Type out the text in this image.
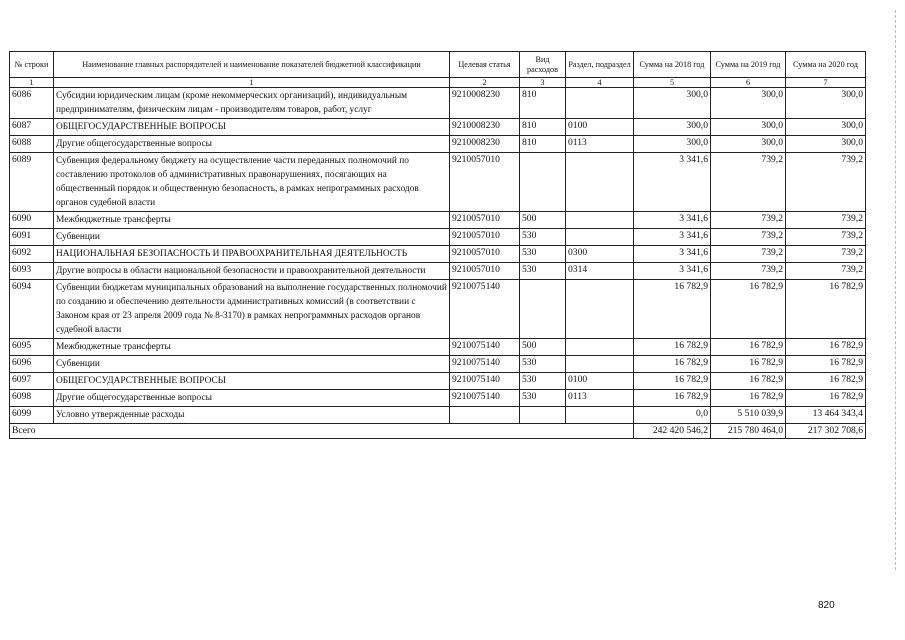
№ строки	Наименование главных распорядителей и наименование показателей бюджетной классификации	Целевая статья	Вид расходов	Раздел, подраздел	Сумма на 2018 год	Сумма на 2019 год	Сумма на 2020 год
1	1	2	3	4	5	6	7
6086	Субсидии юридическим лицам (кроме некоммерческих организаций), индивидуальным предпринимателям, физическим лицам - производителям товаров, работ, услуг	9210008230	810		300,0	300,0	300,0
6087	ОБЩЕГОСУДАРСТВЕННЫЕ ВОПРОСЫ	9210008230	810	0100	300,0	300,0	300,0
6088	Другие общегосударственные вопросы	9210008230	810	0113	300,0	300,0	300,0
6089	Субвенция федеральному бюджету на осуществление части переданных полномочий по составлению протоколов об административных правонарушениях, посягающих на общественный порядок и общественную безопасность, в рамках непрограммных расходов органов судебной власти	9210057010			3 341,6	739,2	739,2
6090	Межбюджетные трансферты	9210057010	500		3 341,6	739,2	739,2
6091	Субвенции	9210057010	530		3 341,6	739,2	739,2
6092	НАЦИОНАЛЬНАЯ БЕЗОПАСНОСТЬ И ПРАВООХРАНИТЕЛЬНАЯ ДЕЯТЕЛЬНОСТЬ	9210057010	530	0300	3 341,6	739,2	739,2
6093	Другие вопросы в области национальной безопасности и правоохранительной деятельности	9210057010	530	0314	3 341,6	739,2	739,2
6094	Субвенции бюджетам муниципальных образований на выполнение государственных полномочий по созданию и обеспечению деятельности административных комиссий (в соответствии с Законом края от 23 апреля 2009 года № 8-3170) в рамках непрограммных расходов органов судебной власти	9210075140			16 782,9	16 782,9	16 782,9
6095	Межбюджетные трансферты	9210075140	500		16 782,9	16 782,9	16 782,9
6096	Субвенции	9210075140	530		16 782,9	16 782,9	16 782,9
6097	ОБЩЕГОСУДАРСТВЕННЫЕ ВОПРОСЫ	9210075140	530	0100	16 782,9	16 782,9	16 782,9
6098	Другие общегосударственные вопросы	9210075140	530	0113	16 782,9	16 782,9	16 782,9
6099	Условно утвержденные расходы				0,0	5 510 039,9	13 464 343,4
Всего					242 420 546,2	215 780 464,0	217 302 708,6
820
